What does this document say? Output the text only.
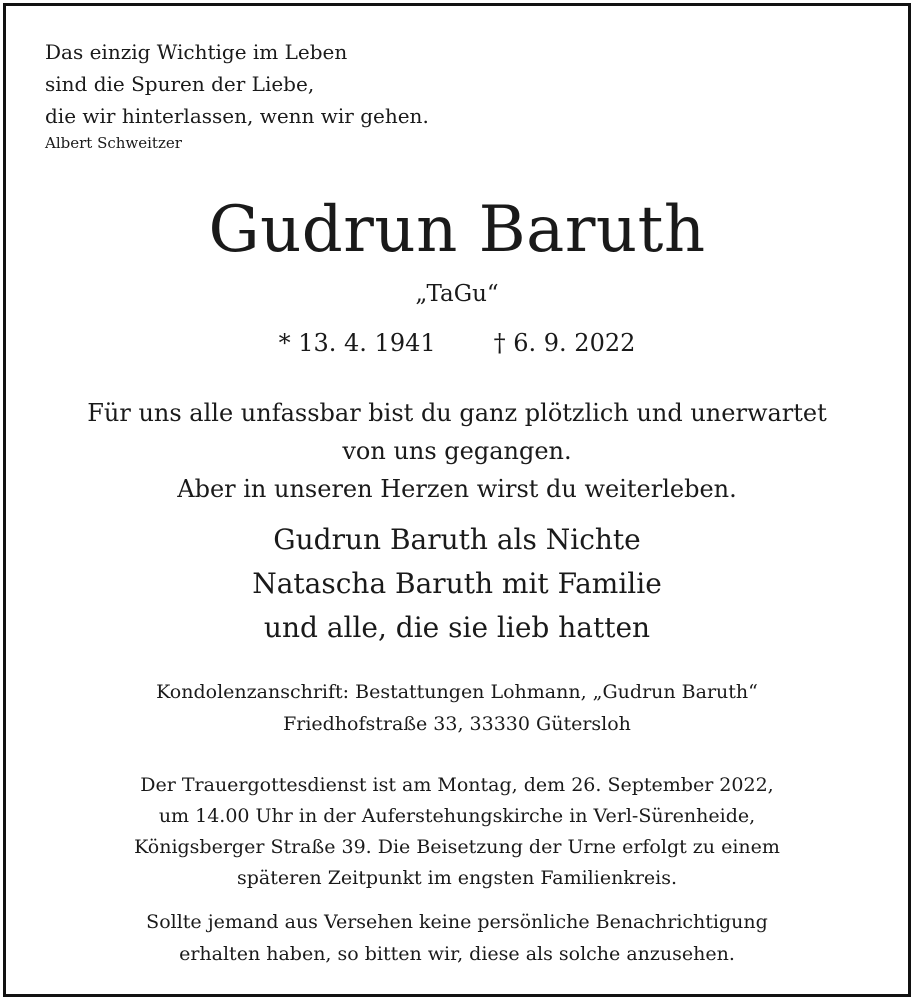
Das einzig Wichtige im Leben
sind die Spuren der Liebe,
die wir hinterlassen, wenn wir gehen.
Albert Schweitzer
Gudrun Baruth
„TaGu“
* 13. 4. 1941 † 6. 9. 2022
Für uns alle unfassbar bist du ganz plötzlich und unerwartet
von uns gegangen.
Aber in unseren Herzen wirst du weiterleben.
Gudrun Baruth als Nichte
Natascha Baruth mit Familie
und alle, die sie lieb hatten
Kondolenzanschrift: Bestattungen Lohmann, „Gudrun Baruth“
Friedhofstraße 33, 33330 Gütersloh
Der Trauergottesdienst ist am Montag, dem 26. September 2022,
um 14.00 Uhr in der Auferstehungskirche in Verl-Sürenheide,
Königsberger Straße 39. Die Beisetzung der Urne erfolgt zu einem
späteren Zeitpunkt im engsten Familienkreis.
Sollte jemand aus Versehen keine persönliche Benachrichtigung
erhalten haben, so bitten wir, diese als solche anzusehen.
